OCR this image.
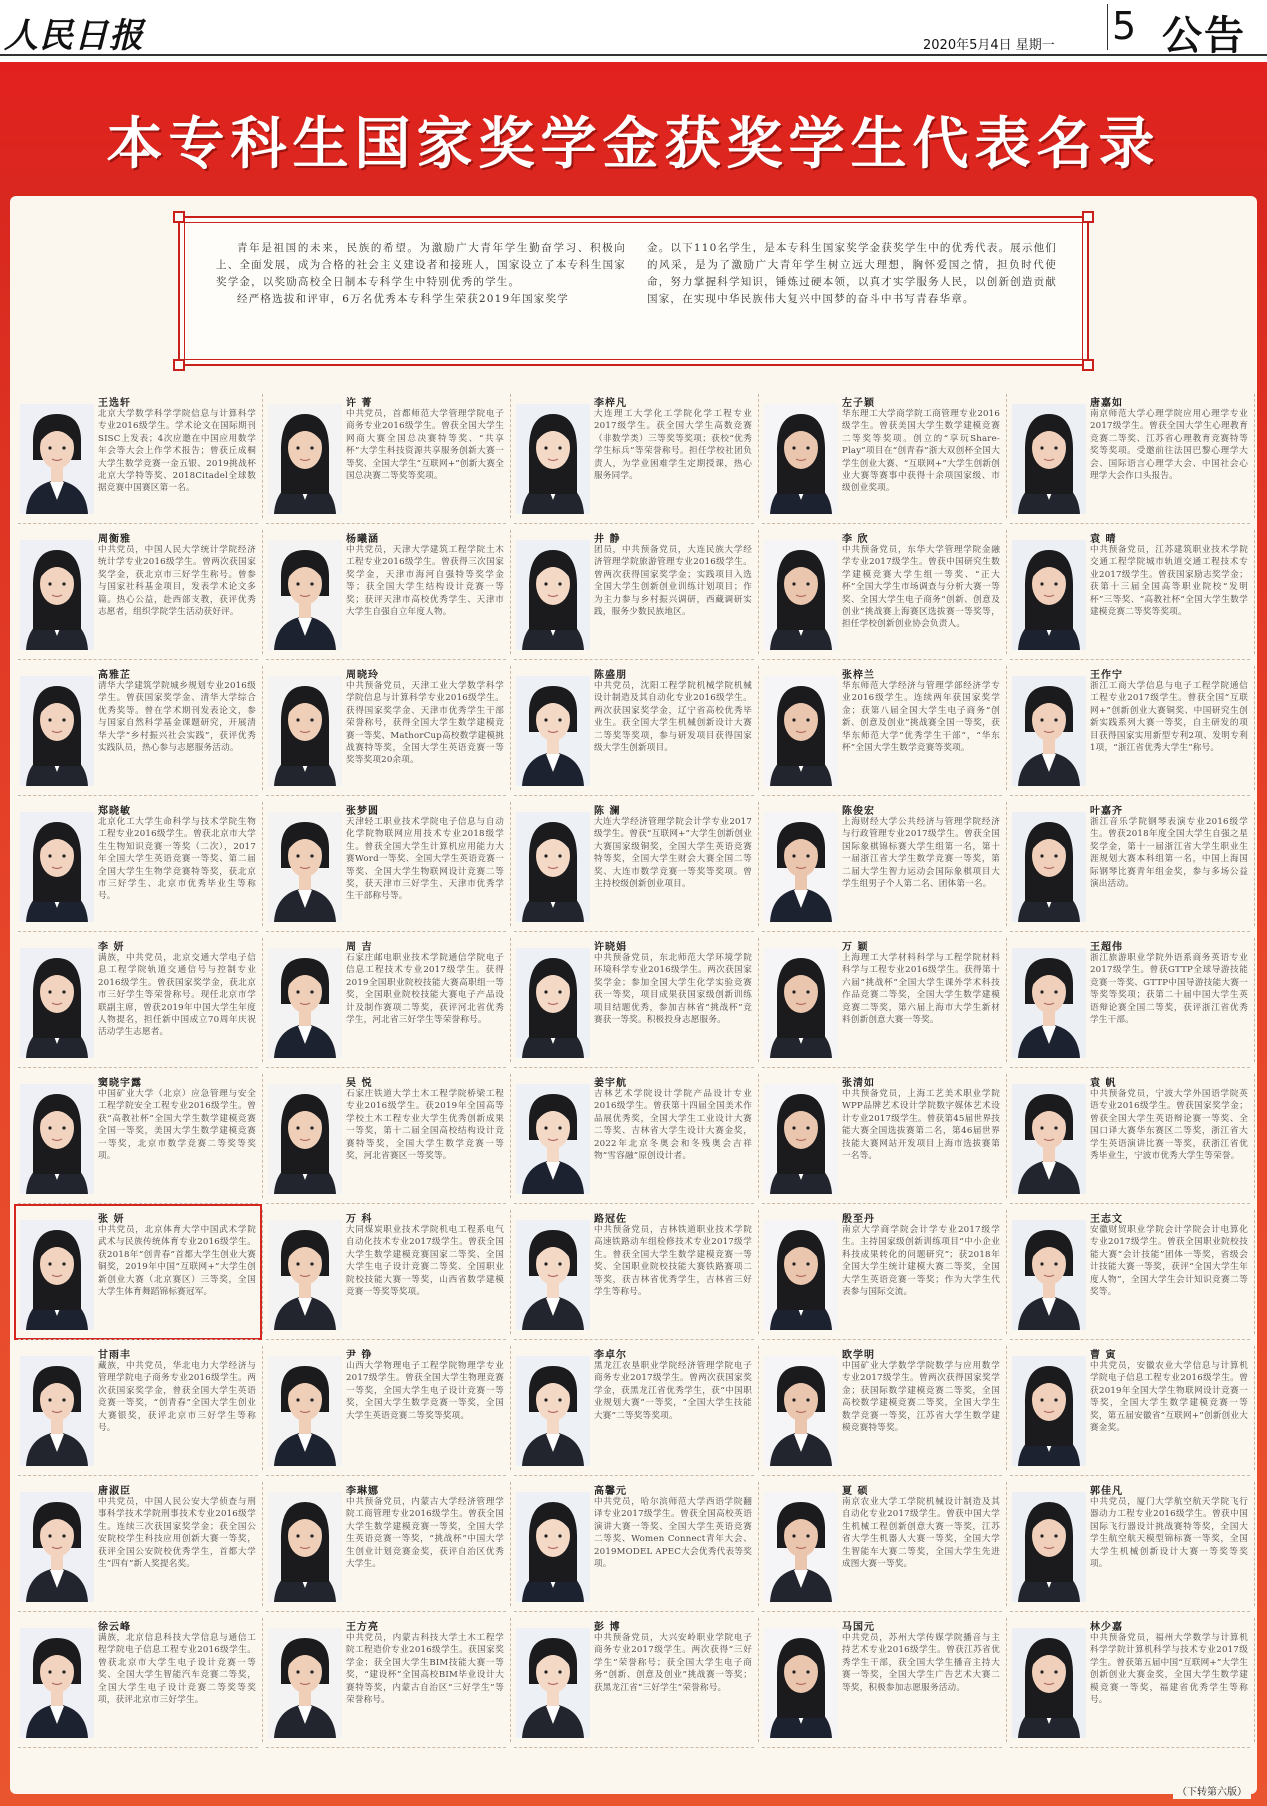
人民日报	2020年5月4日 星期一 5 公告
本专科生国家奖学金获奖学生代表名录

青年是祖国的未来，民族的希望。为激励广大青年学生勤奋学习、积极向上、全面发展，成为合格的社会主义建设者和接班人，国家设立了本专科生国家奖学金，以奖励高校全日制本专科学生中特别优秀的学生。

经严格选拔和评审，6万名优秀本专科学生荣获2019年国家奖学

金。以下110名学生，是本专科生国家奖学金获奖学生中的优秀代表。展示他们的风采，是为了激励广大青年学生树立远大理想，胸怀爱国之情，担负时代使命，努力掌握科学知识，锤炼过硬本领，以真才实学服务人民，以创新创造贡献国家，在实现中华民族伟大复兴中国梦的奋斗中书写青春华章。

王选轩
北京大学数学科学学院信息与计算科学专业2016级学生。学术论文在国际期刊SISC上发表；4次应邀在中国应用数学年会等大会上作学术报告；曾获丘成桐大学生数学竞赛一金五银、2019挑战杯北京大学特等奖、2018Citadel全球数据竞赛中国赛区第一名。
许 菁
中共党员，首都师范大学管理学院电子商务专业2016级学生。曾获全国大学生网商大赛全国总决赛特等奖、“共享杯”大学生科技资源共享服务创新大赛一等奖、全国大学生“互联网+”创新大赛全国总决赛二等奖等奖项。
李梓凡
大连理工大学化工学院化学工程专业2017级学生。获全国大学生高数竞赛（非数学类）三等奖等奖项；获校“优秀学生标兵”等荣誉称号。担任学校社团负责人，为学业困难学生定期授课，热心服务同学。
左子颖
华东理工大学商学院工商管理专业2016级学生。曾获美国大学生数学建模竞赛二等奖等奖项。创立的“享玩Share-Play”项目在“创青春”浙大双创杯全国大学生创业大赛、“互联网+”大学生创新创业大赛等赛事中获得十余项国家级、市级创业奖项。
唐嘉如
南京师范大学心理学院应用心理学专业2017级学生。曾获全国大学生心理教育竞赛二等奖、江苏省心理教育竞赛特等奖等奖项。受邀前往法国巴黎心理学大会、国际语言心理学大会、中国社会心理学大会作口头报告。
周衡雅
中共党员，中国人民大学统计学院经济统计学专业2016级学生。曾两次获国家奖学金，获北京市三好学生称号。曾参与国家社科基金项目，发表学术论文多篇。热心公益，赴西部支教，获评优秀志愿者，组织学院学生活动获好评。
杨曦涵
中共党员，天津大学建筑工程学院土木工程专业2016级学生。曾获得三次国家奖学金，天津市海河自强特等奖学金等；获全国大学生结构设计竞赛一等奖；获评天津市高校优秀学生、天津市大学生自强自立年度人物。
井 静
团员，中共预备党员，大连民族大学经济管理学院旅游管理专业2016级学生。曾两次获得国家奖学金；实践项目入选全国大学生创新创业训练计划项目；作为主力参与乡村振兴调研，西藏调研实践，服务少数民族地区。
李 欣
中共预备党员，东华大学管理学院金融学专业2017级学生。曾获中国研究生数学建模竞赛大学生组一等奖、“正大杯”全国大学生市场调查与分析大赛一等奖、全国大学生电子商务“创新、创意及创业”挑战赛上海赛区选拔赛一等奖等，担任学校创新创业协会负责人。
袁 晴
中共预备党员，江苏建筑职业技术学院交通工程学院城市轨道交通工程技术专业2017级学生。曾获国家励志奖学金；获第十三届全国高等职业院校“发明杯”三等奖、“高教社杯”全国大学生数学建模竞赛二等奖等奖项。
高雅芷
清华大学建筑学院城乡规划专业2016级学生。曾获国家奖学金、清华大学综合优秀奖等。曾在学术期刊发表论文，参与国家自然科学基金课题研究，开展清华大学“乡村振兴社会实践”，获评优秀实践队员，热心参与志愿服务活动。
周晓玲
中共预备党员，天津工业大学数学科学学院信息与计算科学专业2016级学生。获得国家奖学金、天津市优秀学生干部荣誉称号，获得全国大学生数学建模竞赛一等奖、MathorCup高校数学建模挑战赛特等奖，全国大学生英语竞赛一等奖等奖项20余项。
陈盛朋
中共党员，沈阳工程学院机械学院机械设计制造及其自动化专业2016级学生。两次获国家奖学金，辽宁省高校优秀毕业生。获全国大学生机械创新设计大赛二等奖等奖项，参与研发项目获得国家级大学生创新项目。
张梓兰
华东师范大学经济与管理学部经济学专业2016级学生。连续两年获国家奖学金；获第八届全国大学生电子商务“创新、创意及创业”挑战赛全国一等奖，获华东师范大学“优秀学生干部”，“华东杯”全国大学生数学竞赛等奖项。
王作宁
浙江工商大学信息与电子工程学院通信工程专业2017级学生。曾获全国“互联网+”创新创业大赛铜奖、中国研究生创新实践系列大赛一等奖，自主研发的项目获得国家实用新型专利2项、发明专利1项，“浙江省优秀大学生”称号。
郑晓敏
北京化工大学生命科学与技术学院生物工程专业2016级学生。曾获北京市大学生生物知识竞赛一等奖（二次），2017年全国大学生英语竞赛一等奖、第二届全国大学生生物学竞赛特等奖，获北京市三好学生、北京市优秀毕业生等称号。
张梦圆
天津轻工职业技术学院电子信息与自动化学院物联网应用技术专业2018级学生。曾获全国大学生计算机应用能力大赛Word一等奖、全国大学生英语竞赛一等奖、全国大学生物联网设计竞赛二等奖，获天津市三好学生、天津市优秀学生干部称号等。
陈 澜
大连大学经济管理学院会计学专业2017级学生。曾获“互联网+”大学生创新创业大赛国家级铜奖，全国大学生英语竞赛特等奖，全国大学生财会大赛全国二等奖、大连市数学竞赛一等奖等奖项。曾主持校级创新创业项目。
陈俊宏
上海财经大学公共经济与管理学院经济与行政管理专业2017级学生。曾获全国国际象棋锦标赛大学生组第一名，第十一届浙江省大学生数学竞赛一等奖，第二届大学生智力运动会国际象棋项目大学生组男子个人第二名、团体第一名。
叶嘉齐
浙江音乐学院钢琴表演专业2016级学生。曾获2018年度全国大学生自强之星奖学金，第十一届浙江省大学生职业生涯规划大赛本科组第一名，中国上海国际钢琴比赛青年组金奖，参与多场公益演出活动。
李 妍
满族，中共党员，北京交通大学电子信息工程学院轨道交通信号与控制专业2016级学生。曾获国家奖学金，获北京市三好学生等荣誉称号。现任北京市学联副主席，曾获2019年中国大学生年度人物提名，担任新中国成立70周年庆祝活动学生志愿者。
周 吉
石家庄邮电职业技术学院通信学院电子信息工程技术专业2017级学生。获得2019全国职业院校技能大赛高职组一等奖，全国职业院校技能大赛电子产品设计及制作赛项二等奖，获评河北省优秀学生，河北省三好学生等荣誉称号。
许晓娟
中共预备党员，东北师范大学环境学院环境科学专业2016级学生。两次获国家奖学金；参加全国大学生化学实验竞赛获一等奖，项目成果获国家级创新训练项目结题优秀，参加吉林省“挑战杯”竞赛获一等奖。积极投身志愿服务。
万 颖
上海理工大学材料科学与工程学院材料科学与工程专业2016级学生。获得第十六届“挑战杯”全国大学生课外学术科技作品竞赛二等奖，全国大学生数学建模竞赛二等奖，第六届上海市大学生新材料创新创意大赛一等奖。
王超伟
浙江旅游职业学院外语系商务英语专业2017级学生。曾获GTTP全球导游技能竞赛一等奖、GTTP中国导游技能大赛一等奖等奖项；获第二十届中国大学生英语辩论赛全国二等奖，获评浙江省优秀学生干部。
窦晓宇露
中国矿业大学（北京）应急管理与安全工程学院安全工程专业2016级学生。曾获“高教社杯”全国大学生数学建模竞赛全国一等奖，美国大学生数学建模竞赛一等奖，北京市数学竞赛二等奖等奖项。
吴 悦
石家庄铁道大学土木工程学院桥梁工程专业2016级学生。获2019年全国高等学校土木工程专业大学生优秀创新成果一等奖，第十二届全国高校结构设计竞赛特等奖，全国大学生数学竞赛一等奖，河北省赛区一等奖等。
姜宇航
吉林艺术学院设计学院产品设计专业2016级学生。曾获第十四届全国美术作品展优秀奖，全国大学生工业设计大赛二等奖、吉林省大学生设计大赛金奖，2022年北京冬奥会和冬残奥会吉祥物“雪容融”原创设计者。
张清如
中共预备党员，上海工艺美术职业学院WPP品牌艺术设计学院数字媒体艺术设计专业2017级学生。曾获第45届世界技能大赛全国选拔赛第二名，第46届世界技能大赛网站开发项目上海市选拔赛第一名等。
袁 帆
中共预备党员，宁波大学外国语学院英语专业2016级学生。曾获国家奖学金；曾获全国大学生英语辩论赛一等奖、全国口译大赛华东赛区二等奖，浙江省大学生英语演讲比赛一等奖，获浙江省优秀毕业生，宁波市优秀大学生等荣誉。
张 妍
中共党员，北京体育大学中国武术学院武术与民族传统体育专业2016级学生。获2018年“创青春”首都大学生创业大赛铜奖，2019年中国“互联网+”大学生创新创业大赛（北京赛区）三等奖，全国大学生体育舞蹈锦标赛冠军。
万 科
大同煤炭职业技术学院机电工程系电气自动化技术专业2017级学生。曾获全国大学生数学建模竞赛国家二等奖、全国大学生电子设计竞赛二等奖、全国职业院校技能大赛一等奖，山西省数学建模竞赛一等奖等奖项。
路冠佐
中共预备党员，吉林铁道职业技术学院高速铁路动车组检修技术专业2017级学生。曾获全国大学生数学建模竞赛一等奖、全国职业院校技能大赛铁路赛项二等奖，获吉林省优秀学生，吉林省三好学生等称号。
殷至丹
南京大学商学院会计学专业2017级学生。主持国家级创新训练项目“中小企业科技成果转化的问题研究”；获2018年全国大学生统计建模大赛二等奖，全国大学生英语竞赛一等奖；作为大学生代表参与国际交流。
王志文
安徽财贸职业学院会计学院会计电算化专业2017级学生。曾获全国职业院校技能大赛“会计技能”团体一等奖，省级会计技能大赛一等奖，获评“全国大学生年度人物”，全国大学生会计知识竞赛二等奖等。
甘雨丰
藏族，中共党员，华北电力大学经济与管理学院电子商务专业2016级学生。两次获国家奖学金，曾获全国大学生英语竞赛一等奖，“创青春”全国大学生创业大赛银奖，获评北京市三好学生等称号。
尹 铮
山西大学物理电子工程学院物理学专业2017级学生。曾获全国大学生物理竞赛一等奖，全国大学生电子设计竞赛一等奖，全国大学生数学竞赛一等奖，全国大学生英语竞赛二等奖等奖项。
李卓尔
黑龙江农垦职业学院经济管理学院电子商务专业2017级学生。曾两次获国家奖学金，获黑龙江省优秀学生，获“中国职业规划大赛”一等奖，“全国大学生技能大赛”二等奖等奖项。
欧学明
中国矿业大学数学学院数学与应用数学专业2017级学生。曾两次获得国家奖学金；获国际数学建模竞赛二等奖，全国高校数学建模竞赛二等奖，全国大学生数学竞赛一等奖，江苏省大学生数学建模竞赛特等奖。
曹 寅
中共党员，安徽农业大学信息与计算机学院电子信息工程专业2016级学生。曾获2019年全国大学生物联网设计竞赛一等奖，全国大学生数学建模竞赛一等奖，第五届安徽省“互联网+”创新创业大赛金奖。
唐淑臣
中共党员，中国人民公安大学侦查与刑事科学技术学院刑事技术专业2016级学生。连续三次获国家奖学金；获全国公安院校学生科技应用创新大赛一等奖，获评全国公安院校优秀学生，首都大学生“四有”新人奖提名奖。
李琳娜
中共预备党员，内蒙古大学经济管理学院工商管理专业2016级学生。曾获全国大学生数学建模竞赛一等奖，全国大学生英语竞赛一等奖，“挑战杯”中国大学生创业计划竞赛金奖，获评自治区优秀大学生。
高馨元
中共党员，哈尔滨师范大学西语学院翻译专业2017级学生。曾获全国高校英语演讲大赛一等奖、全国大学生英语竞赛二等奖、Women Connect青年大会、2019MODEL APEC大会优秀代表等奖项。
夏 硕
南京农业大学工学院机械设计制造及其自动化专业2017级学生。曾获中国大学生机械工程创新创意大赛一等奖，江苏省大学生机器人大赛一等奖，全国大学生智能车大赛二等奖，全国大学生先进成图大赛一等奖。
郭佳凡
中共党员，厦门大学航空航天学院飞行器动力工程专业2016级学生。曾获中国国际飞行器设计挑战赛特等奖，全国大学生航空航天模型锦标赛一等奖，全国大学生机械创新设计大赛一等奖等奖项。
徐云峰
满族，北京信息科技大学信息与通信工程学院电子信息工程专业2016级学生。曾获北京市大学生电子设计竞赛一等奖、全国大学生智能汽车竞赛二等奖，全国大学生电子设计竞赛二等奖等奖项，获评北京市三好学生。
王方亮
中共党员，内蒙古科技大学土木工程学院工程造价专业2016级学生。获国家奖学金；获全国大学生BIM技能大赛一等奖，“建设杯”全国高校BIM毕业设计大赛特等奖，内蒙古自治区“三好学生”等荣誉称号。
彭 博
中共预备党员，大兴安岭职业学院电子商务专业2017级学生。两次获得“三好学生”荣誉称号；获全国大学生电子商务“创新、创意及创业”挑战赛一等奖；获黑龙江省“三好学生”荣誉称号。
马国元
中共党员，苏州大学传媒学院播音与主持艺术专业2016级学生。曾获江苏省优秀学生干部，获全国大学生播音主持大赛一等奖，全国大学生广告艺术大赛二等奖，积极参加志愿服务活动。
林少嘉
中共预备党员，福州大学数学与计算机科学学院计算机科学与技术专业2017级学生。曾获第五届中国“互联网+”大学生创新创业大赛金奖，全国大学生数学建模竞赛一等奖，福建省优秀学生等称号。
（下转第六版）
